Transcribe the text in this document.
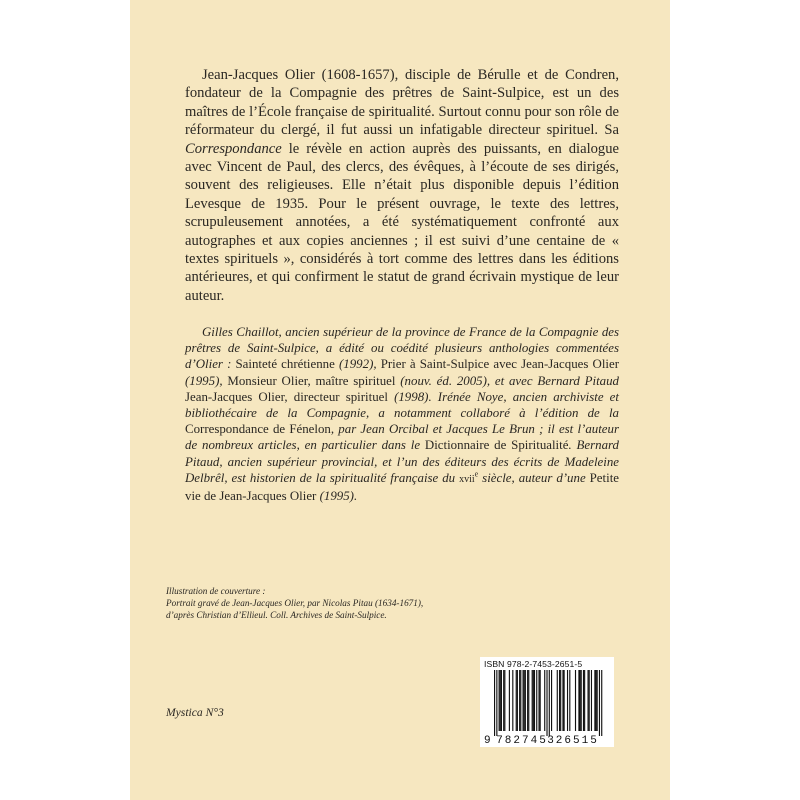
Jean-Jacques Olier (1608-1657), disciple de Bérulle et de Condren, fondateur de la Compagnie des prêtres de Saint-Sulpice, est un des maîtres de l’École française de spiritualité. Surtout connu pour son rôle de réformateur du clergé, il fut aussi un infatigable directeur spirituel. Sa Correspondance le révèle en action auprès des puissants, en dialogue avec Vincent de Paul, des clercs, des évêques, à l’écoute de ses dirigés, souvent des religieuses. Elle n’était plus disponible depuis l’édition Levesque de 1935. Pour le présent ouvrage, le texte des lettres, scrupuleusement annotées, a été systématiquement confronté aux autographes et aux copies anciennes ; il est suivi d’une centaine de « textes spirituels », considérés à tort comme des lettres dans les éditions antérieures, et qui confirment le statut de grand écrivain mystique de leur auteur.

Gilles Chaillot, ancien supérieur de la province de France de la Compagnie des prêtres de Saint-Sulpice, a édité ou coédité plusieurs anthologies commentées d’Olier : Sainteté chrétienne (1992), Prier à Saint-Sulpice avec Jean-Jacques Olier (1995), Monsieur Olier, maître spirituel (nouv. éd. 2005), et avec Bernard Pitaud Jean-Jacques Olier, directeur spirituel (1998). Irénée Noye, ancien archiviste et bibliothécaire de la Compagnie, a notamment collaboré à l’édition de la Correspondance de Fénelon, par Jean Orcibal et Jacques Le Brun ; il est l’auteur de nombreux articles, en particulier dans le Dictionnaire de Spiritualité. Bernard Pitaud, ancien supérieur provincial, et l’un des éditeurs des écrits de Madeleine Delbrêl, est historien de la spiritualité française du xvii$^e$ siècle, auteur d’une Petite vie de Jean-Jacques Olier (1995).

Illustration de couverture :
Portrait gravé de Jean-Jacques Olier, par Nicolas Pitau (1634-1671),
d’après Christian d’Ellieul. Coll. Archives de Saint-Sulpice.
Mystica N°3
ISBN 978-2-7453-2651-5
9 782745 326515
